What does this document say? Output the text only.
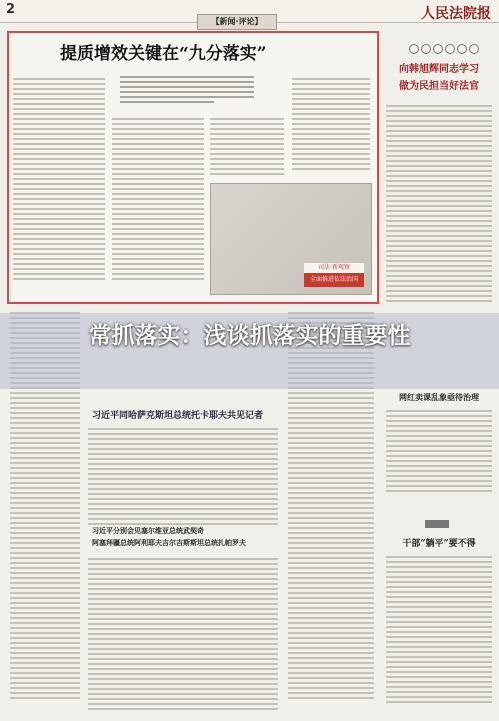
2	人民法院报
【新闻·评论】
提质增效关键在“九分落实”
司法·新观察
全面推进依法治国
向韩旭辉同志学习
做为民担当好法官
网红卖课乱象亟待治理
干部“躺平”要不得
习近平同哈萨克斯坦总统托卡耶夫共见记者
习近平分别会见塞尔维亚总统武契奇
阿塞拜疆总统阿利耶夫吉尔吉斯斯坦总统扎帕罗夫
常抓落实：浅谈抓落实的重要性
